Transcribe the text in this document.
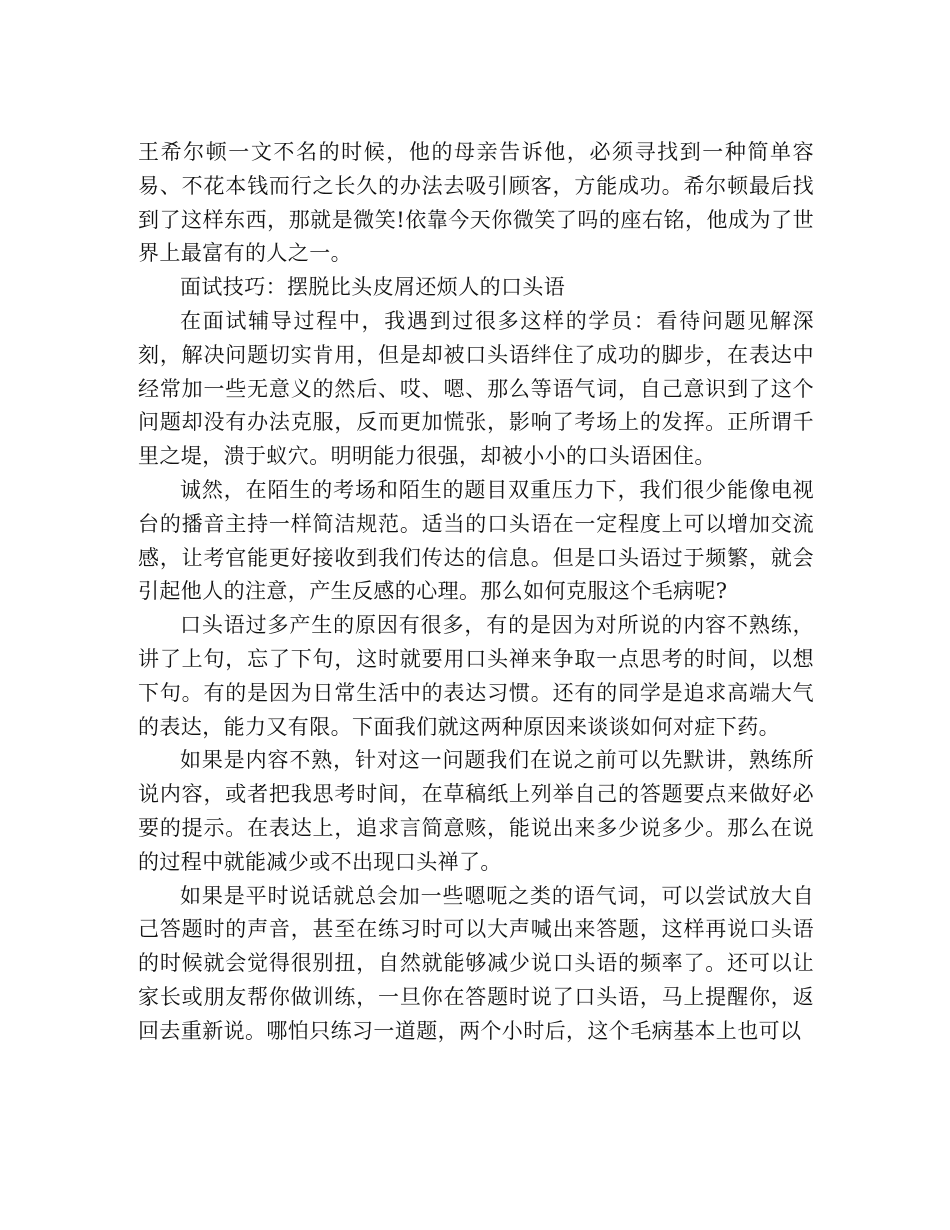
王希尔顿一文不名的时候，他的母亲告诉他，必须寻找到一种简单容易、不花本钱而行之长久的办法去吸引顾客，方能成功。希尔顿最后找到了这样东西，那就是微笑!依靠今天你微笑了吗的座右铭，他成为了世界上最富有的人之一。

面试技巧：摆脱比头皮屑还烦人的口头语

在面试辅导过程中，我遇到过很多这样的学员：看待问题见解深刻，解决问题切实肯用，但是却被口头语绊住了成功的脚步，在表达中经常加一些无意义的然后、哎、嗯、那么等语气词，自己意识到了这个问题却没有办法克服，反而更加慌张，影响了考场上的发挥。正所谓千里之堤，溃于蚁穴。明明能力很强，却被小小的口头语困住。

诚然，在陌生的考场和陌生的题目双重压力下，我们很少能像电视台的播音主持一样简洁规范。适当的口头语在一定程度上可以增加交流感，让考官能更好接收到我们传达的信息。但是口头语过于频繁，就会引起他人的注意，产生反感的心理。那么如何克服这个毛病呢?

口头语过多产生的原因有很多，有的是因为对所说的内容不熟练，讲了上句，忘了下句，这时就要用口头禅来争取一点思考的时间，以想下句。有的是因为日常生活中的表达习惯。还有的同学是追求高端大气的表达，能力又有限。下面我们就这两种原因来谈谈如何对症下药。

如果是内容不熟，针对这一问题我们在说之前可以先默讲，熟练所说内容，或者把我思考时间，在草稿纸上列举自己的答题要点来做好必要的提示。在表达上，追求言简意赅，能说出来多少说多少。那么在说的过程中就能减少或不出现口头禅了。

如果是平时说话就总会加一些嗯呃之类的语气词，可以尝试放大自己答题时的声音，甚至在练习时可以大声喊出来答题，这样再说口头语的时候就会觉得很别扭，自然就能够减少说口头语的频率了。还可以让家长或朋友帮你做训练，一旦你在答题时说了口头语，马上提醒你，返回去重新说。哪怕只练习一道题，两个小时后，这个毛病基本上也可以
